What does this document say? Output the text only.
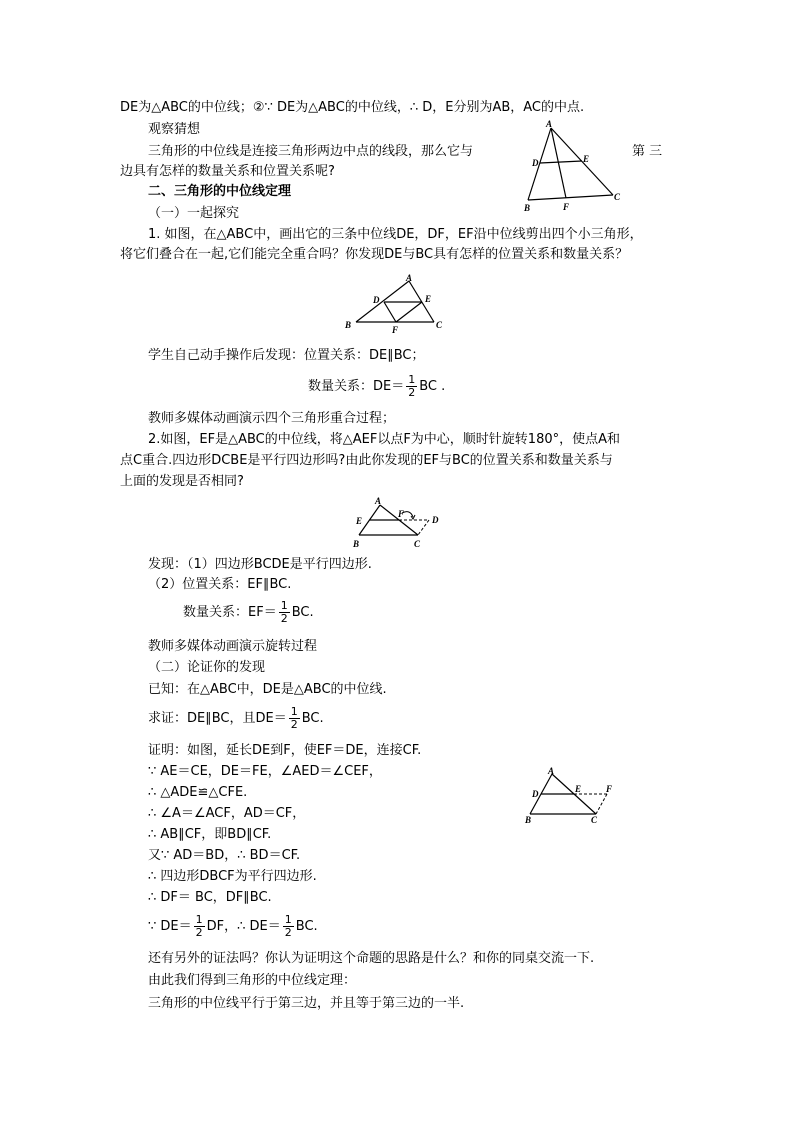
DE为△ABC的中位线；②∵ DE为△ABC的中位线，∴ D，E分别为AB，AC的中点.
观察猜想
三角形的中位线是连接三角形两边中点的线段，那么它与	第 三
边具有怎样的数量关系和位置关系呢?
二、三角形的中位线定理
（一）一起探究
1. 如图，在△ABC中，画出它的三条中位线DE，DF，EF沿中位线剪出四个小三角形，
将它们叠合在一起,它们能完全重合吗？你发现DE与BC具有怎样的位置关系和数量关系？
学生自己动手操作后发现：位置关系：DE∥BC；
数量关系：$DE= \frac{1}{2}$ BC .
教师多媒体动画演示四个三角形重合过程；
2.如图，EF是△ABC的中位线，将△AEF以点F为中心，顺时针旋转180°，使点A和
点C重合.四边形DCBE是平行四边形吗?由此你发现的EF与BC的位置关系和数量关系与
上面的发现是否相同?
发现：（1）四边形BCDE是平行四边形.
（2）位置关系：EF∥BC.
数量关系：$EF= \frac{1}{2}$ BC.
教师多媒体动画演示旋转过程
（二）论证你的发现
已知：在△ABC中，DE是△ABC的中位线.
求证：DE∥BC，且$DE= \frac{1}{2}$ BC.
证明：如图，延长DE到F，使EF＝DE，连接CF.
∵ AE＝CE，DE＝FE，∠AED＝∠CEF，
∴ △ADE≌△CFE.
∴ ∠A＝∠ACF，AD＝CF，
∴ AB∥CF，即BD∥CF.
又∵ AD＝BD，∴ BD＝CF.
∴ 四边形DBCF为平行四边形.
∴ DF＝ BC，DF∥BC.
∵ $DE= \frac{1}{2}$ DF，∴ $DE= \frac{1}{2}$ BC.
还有另外的证法吗？你认为证明这个命题的思路是什么？和你的同桌交流一下.
由此我们得到三角形的中位线定理：
三角形的中位线平行于第三边，并且等于第三边的一半.
A
D	E
B	F
C
A
D	E
B	F	C
A
E
F
D
B	C
A
D	E	F
B	C
